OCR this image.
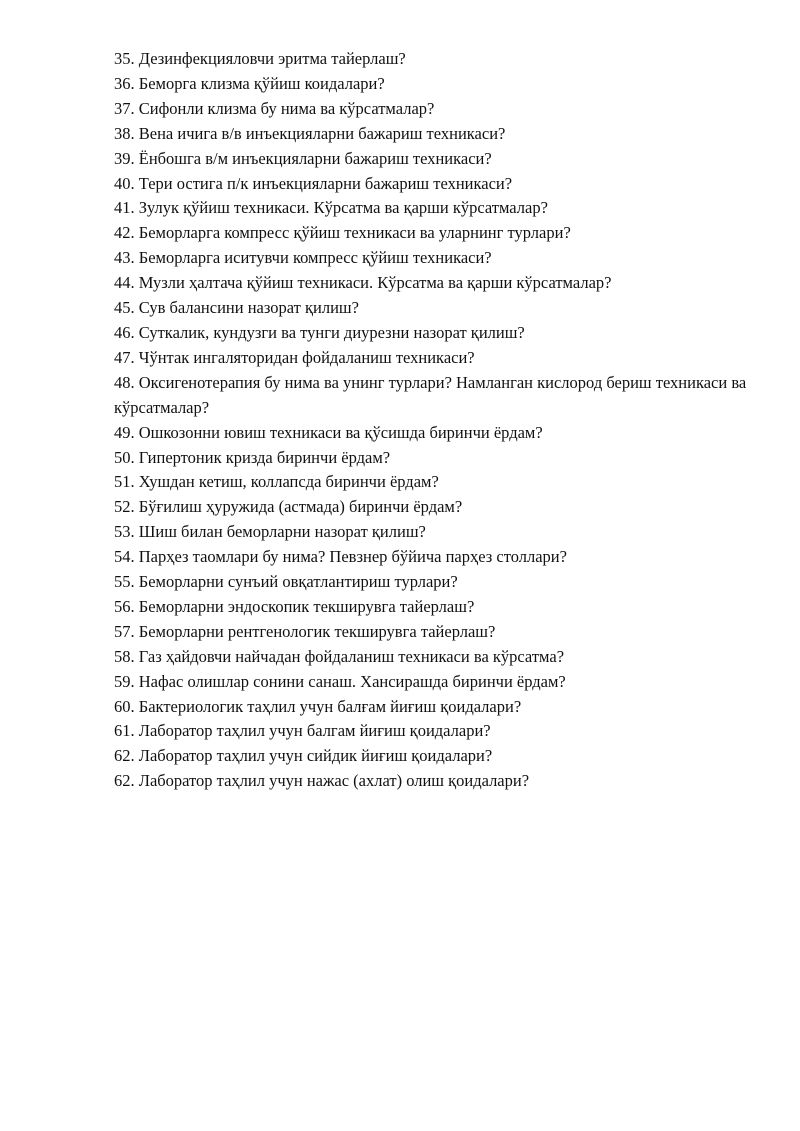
35. Дезинфекцияловчи эритма тайерлаш?

36. Беморга клизма қўйиш коидалари?

37. Сифонли клизма бу нима ва кўрсатмалар?

38. Вена ичига в/в инъекцияларни бажариш техникаси?

39. Ёнбошга в/м инъекцияларни бажариш техникаси?

40. Тери остига п/к инъекцияларни бажариш техникаси?

41. Зулук қўйиш техникаси. Кўрсатма ва қарши кўрсатмалар?

42. Беморларга компресс қўйиш техникаси ва уларнинг турлари?

43. Беморларга иситувчи компресс қўйиш техникаси?

44. Музли ҳалтача қўйиш техникаси. Кўрсатма ва қарши кўрсатмалар?

45. Сув балансини назорат қилиш?

46. Суткалик, кундузги ва тунги диурезни назорат қилиш?

47. Чўнтак ингаляторидан фойдаланиш техникаси?

48. Оксигенотерапия бу нима ва унинг турлари? Намланган кислород бериш техникаси ва кўрсатмалар?

49. Ошкозонни ювиш техникаси ва қўсишда биринчи ёрдам?

50. Гипертоник кризда биринчи ёрдам?

51. Хушдан кетиш, коллапсда биринчи ёрдам?

52. Бўғилиш ҳуружида (астмада) биринчи ёрдам?

53. Шиш билан беморларни назорат қилиш?

54. Парҳез таомлари бу нима? Певзнер бўйича парҳез столлари?

55. Беморларни сунъий овқатлантириш турлари?

56. Беморларни эндоскопик текширувга тайерлаш?

57. Беморларни рентгенологик текширувга тайерлаш?

58. Газ ҳайдовчи найчадан фойдаланиш техникаси ва кўрсатма?

59. Нафас олишлар сонини санаш. Хансирашда биринчи ёрдам?

60. Бактериологик таҳлил учун балғам йиғиш қоидалари?

61. Лаборатор таҳлил учун балгам йиғиш қоидалари?

62. Лаборатор таҳлил учун сийдик йиғиш қоидалари?

62. Лаборатор таҳлил учун нажас (ахлат) олиш қоидалари?
